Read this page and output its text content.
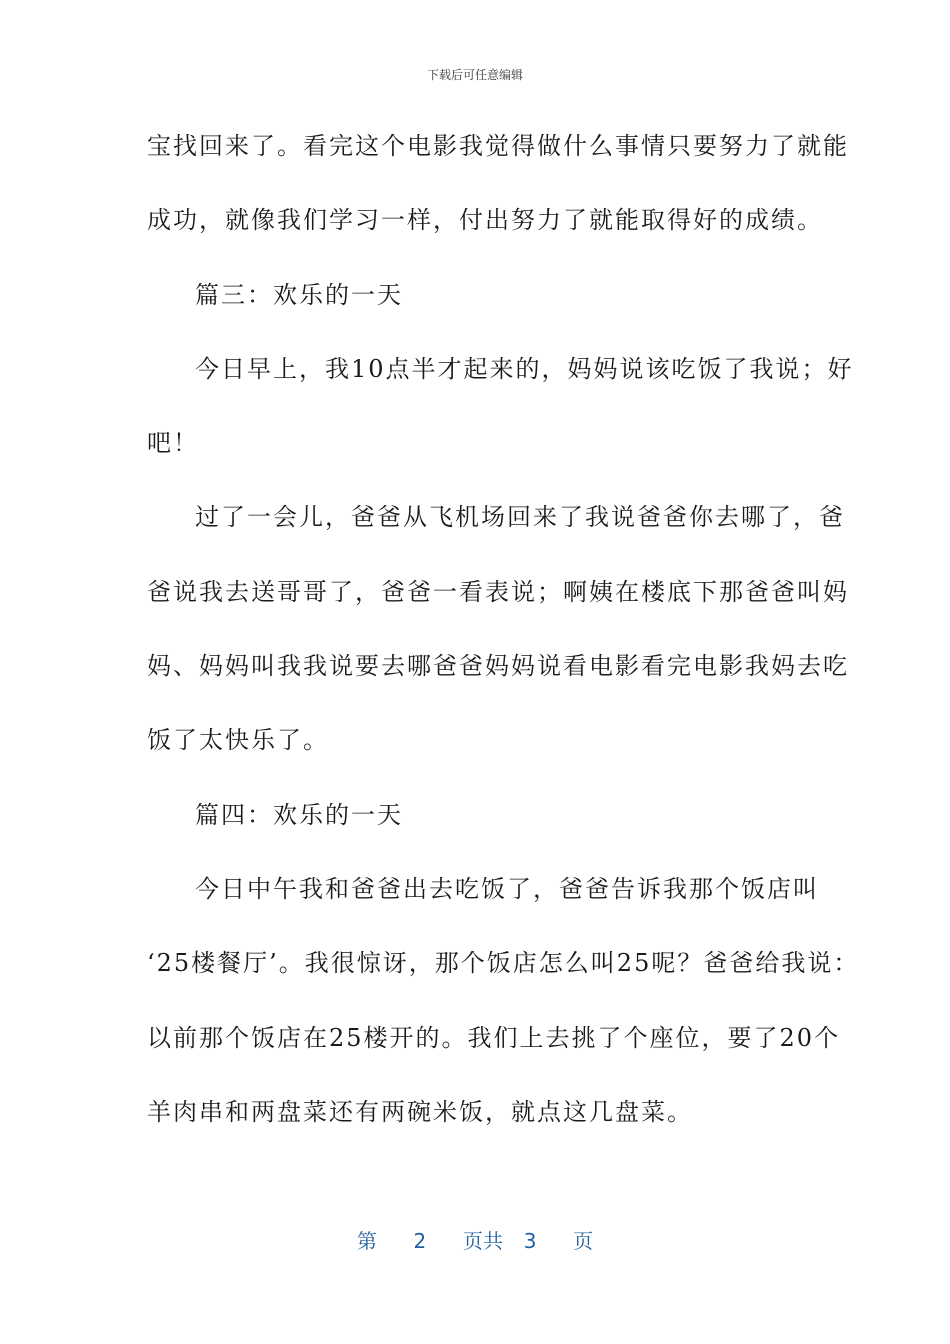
下载后可任意编辑
宝找回来了。看完这个电影我觉得做什么事情只要努力了就能
成功，就像我们学习一样，付出努力了就能取得好的成绩。
篇三：欢乐的一天
今日早上，我10点半才起来的，妈妈说该吃饭了我说；好
吧！
过了一会儿，爸爸从飞机场回来了我说爸爸你去哪了，爸
爸说我去送哥哥了，爸爸一看表说；啊姨在楼底下那爸爸叫妈
妈、妈妈叫我我说要去哪爸爸妈妈说看电影看完电影我妈去吃
饭了太快乐了。
篇四：欢乐的一天
今日中午我和爸爸出去吃饭了，爸爸告诉我那个饭店叫
‘25楼餐厅’。我很惊讶，那个饭店怎么叫25呢？爸爸给我说：
以前那个饭店在25楼开的。我们上去挑了个座位，要了20个
羊肉串和两盘菜还有两碗米饭，就点这几盘菜。
第 2 页共 3 页
